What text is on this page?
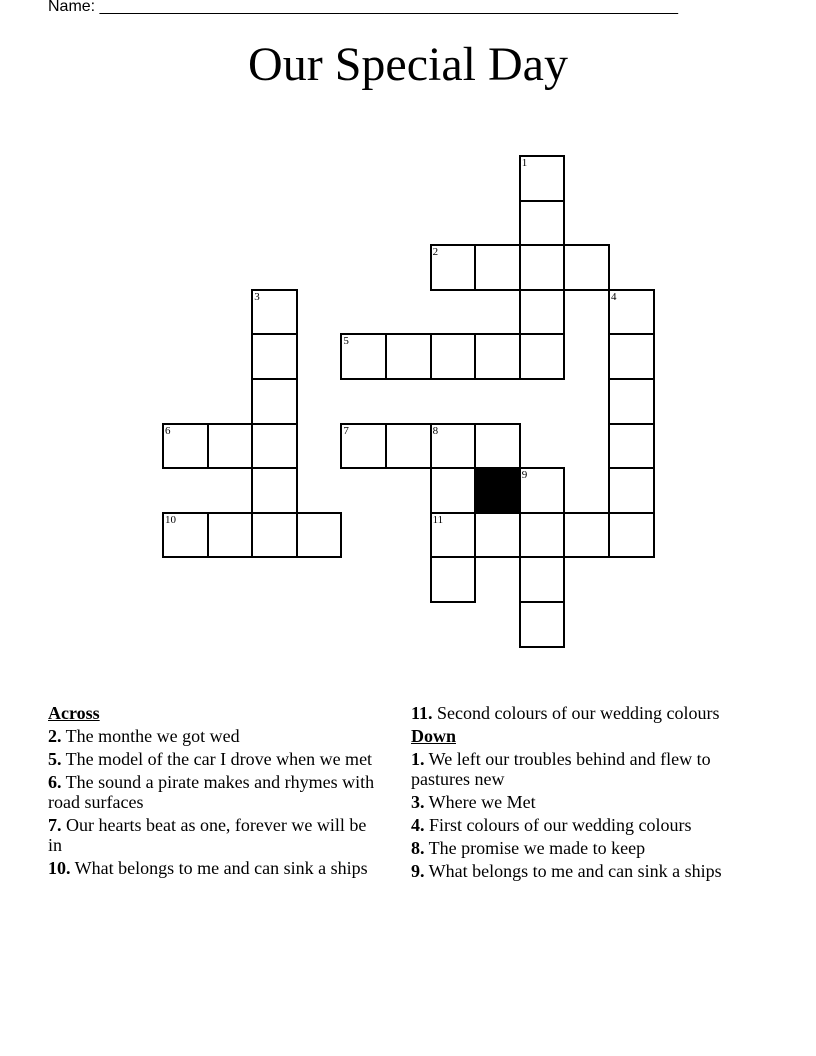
Name: _________________________________________________________________
Our Special Day
1
2
3	4
5
6	7	8
9
10	11
Across
2. The monthe we got wed
5. The model of the car I drove when we met
6. The sound a pirate makes and rhymes with road surfaces
7. Our hearts beat as one, forever we will be in
10. What belongs to me and can sink a ships
11. Second colours of our wedding colours
Down
1. We left our troubles behind and flew to pastures new
3. Where we Met
4. First colours of our wedding colours
8. The promise we made to keep
9. What belongs to me and can sink a ships
